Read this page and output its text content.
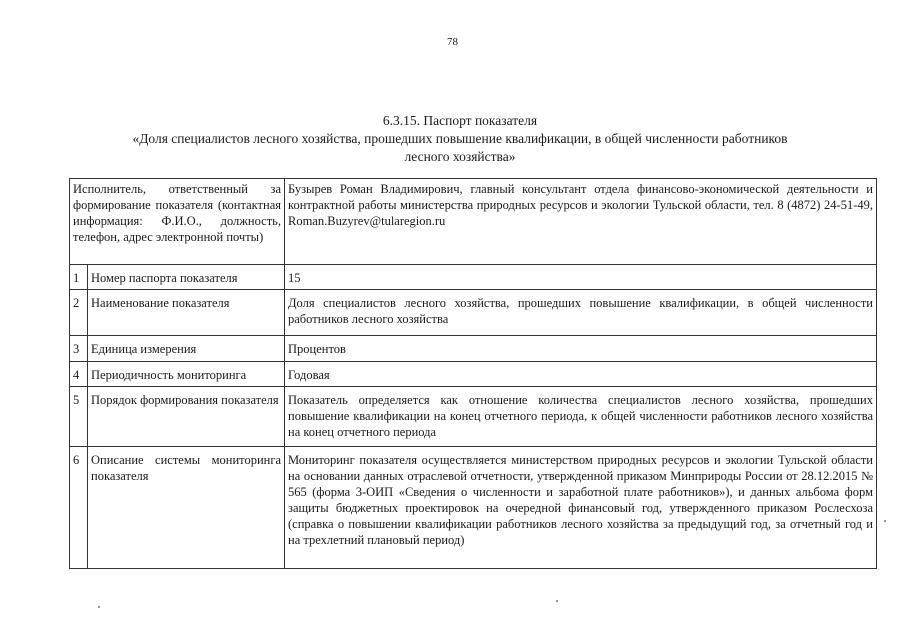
78
6.3.15. Паспорт показателя
«Доля специалистов лесного хозяйства, прошедших повышение квалификации, в общей численности работников
лесного хозяйства»
Исполнитель, ответственный за формирование показателя (контактная информация: Ф.И.О., должность, телефон, адрес электронной почты)		Бузырев Роман Владимирович, главный консультант отдела финансово-экономической деятельности и контрактной работы министерства природных ресурсов и экологии Тульской области, тел. 8 (4872) 24-51-49, Roman.Buzyrev@tularegion.ru
1	Номер паспорта показателя	15
2	Наименование показателя	Доля специалистов лесного хозяйства, прошедших повышение квалификации, в общей численности работников лесного хозяйства
3	Единица измерения	Процентов
4	Периодичность мониторинга	Годовая
5	Порядок формирования показателя	Показатель определяется как отношение количества специалистов лесного хозяйства, прошедших повышение квалификации на конец отчетного периода, к общей численности работников лесного хозяйства на конец отчетного периода
6	Описание системы мониторинга показателя	Мониторинг показателя осуществляется министерством природных ресурсов и экологии Тульской области на основании данных отраслевой отчетности, утвержденной приказом Минприроды России от 28.12.2015 № 565 (форма 3-ОИП «Сведения о численности и заработной плате работников»), и данных альбома форм защиты бюджетных проектировок на очередной финансовый год, утвержденного приказом Рослесхоза (справка о повышении квалификации работников лесного хозяйства за предыдущий год, за отчетный год и на трехлетний плановый период)
